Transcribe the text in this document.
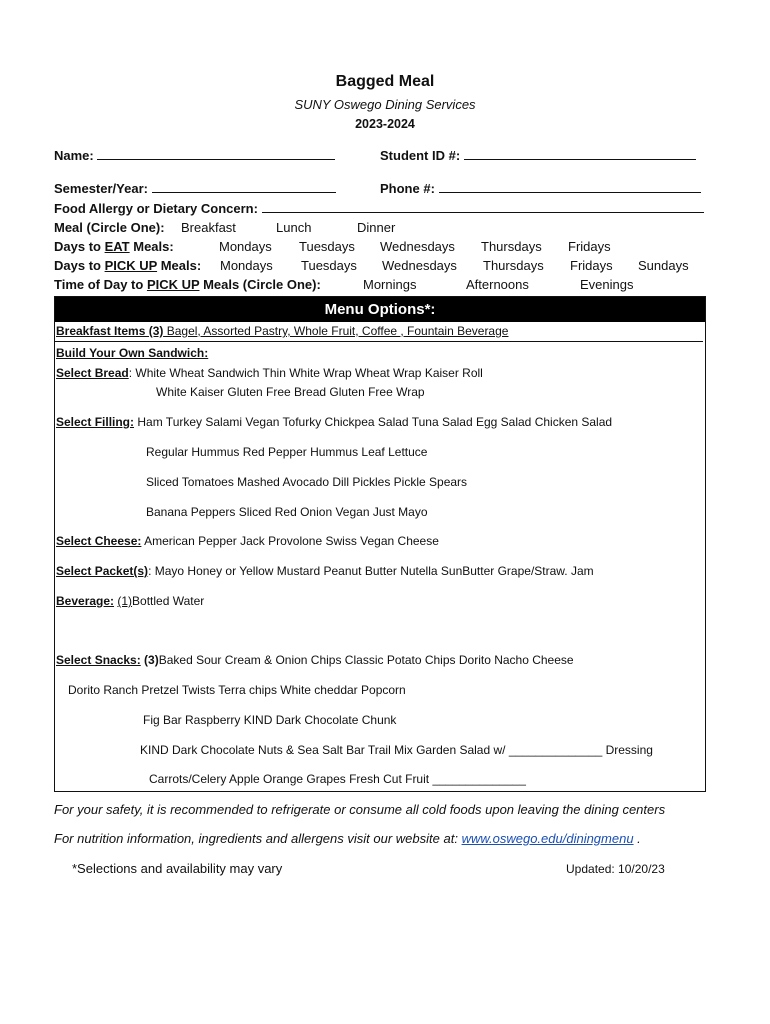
Bagged Meal
SUNY Oswego Dining Services
2023-2024
Name:	Student ID #:
Semester/Year:	Phone #:
Food Allergy or Dietary Concern:
Meal (Circle One): Breakfast	Lunch	Dinner
Days to EAT Meals:	Mondays Tuesdays Wednesdays Thursdays Fridays
Days to PICK UP Meals: Mondays Tuesdays Wednesdays Thursdays Fridays Sundays
Time of Day to PICK UP Meals (Circle One):	Mornings	Afternoons	Evenings
Menu Options*:
Breakfast Items (3) Bagel, Assorted Pastry, Whole Fruit, Coffee , Fountain Beverage
Build Your Own Sandwich:
Select Bread: White Wheat Sandwich Thin White Wrap Wheat Wrap Kaiser Roll
White Kaiser Gluten Free Bread Gluten Free Wrap
Select Filling: Ham Turkey Salami Vegan Tofurky Chickpea Salad Tuna Salad Egg Salad Chicken Salad
Regular Hummus Red Pepper Hummus Leaf Lettuce
Sliced Tomatoes Mashed Avocado Dill Pickles Pickle Spears
Banana Peppers Sliced Red Onion Vegan Just Mayo
Select Cheese: American Pepper Jack Provolone Swiss Vegan Cheese
Select Packet(s): Mayo Honey or Yellow Mustard Peanut Butter Nutella SunButter Grape/Straw. Jam
Beverage: (1)Bottled Water
Select Snacks: (3)Baked Sour Cream & Onion Chips Classic Potato Chips Dorito Nacho Cheese
Dorito Ranch Pretzel Twists Terra chips White cheddar Popcorn
Fig Bar Raspberry KIND Dark Chocolate Chunk
KIND Dark Chocolate Nuts & Sea Salt Bar Trail Mix Garden Salad w/ ______________ Dressing
Carrots/Celery Apple Orange Grapes Fresh Cut Fruit ______________
For your safety, it is recommended to refrigerate or consume all cold foods upon leaving the dining centers
For nutrition information, ingredients and allergens visit our website at: www.oswego.edu/diningmenu .
*Selections and availability may vary	Updated: 10/20/23
